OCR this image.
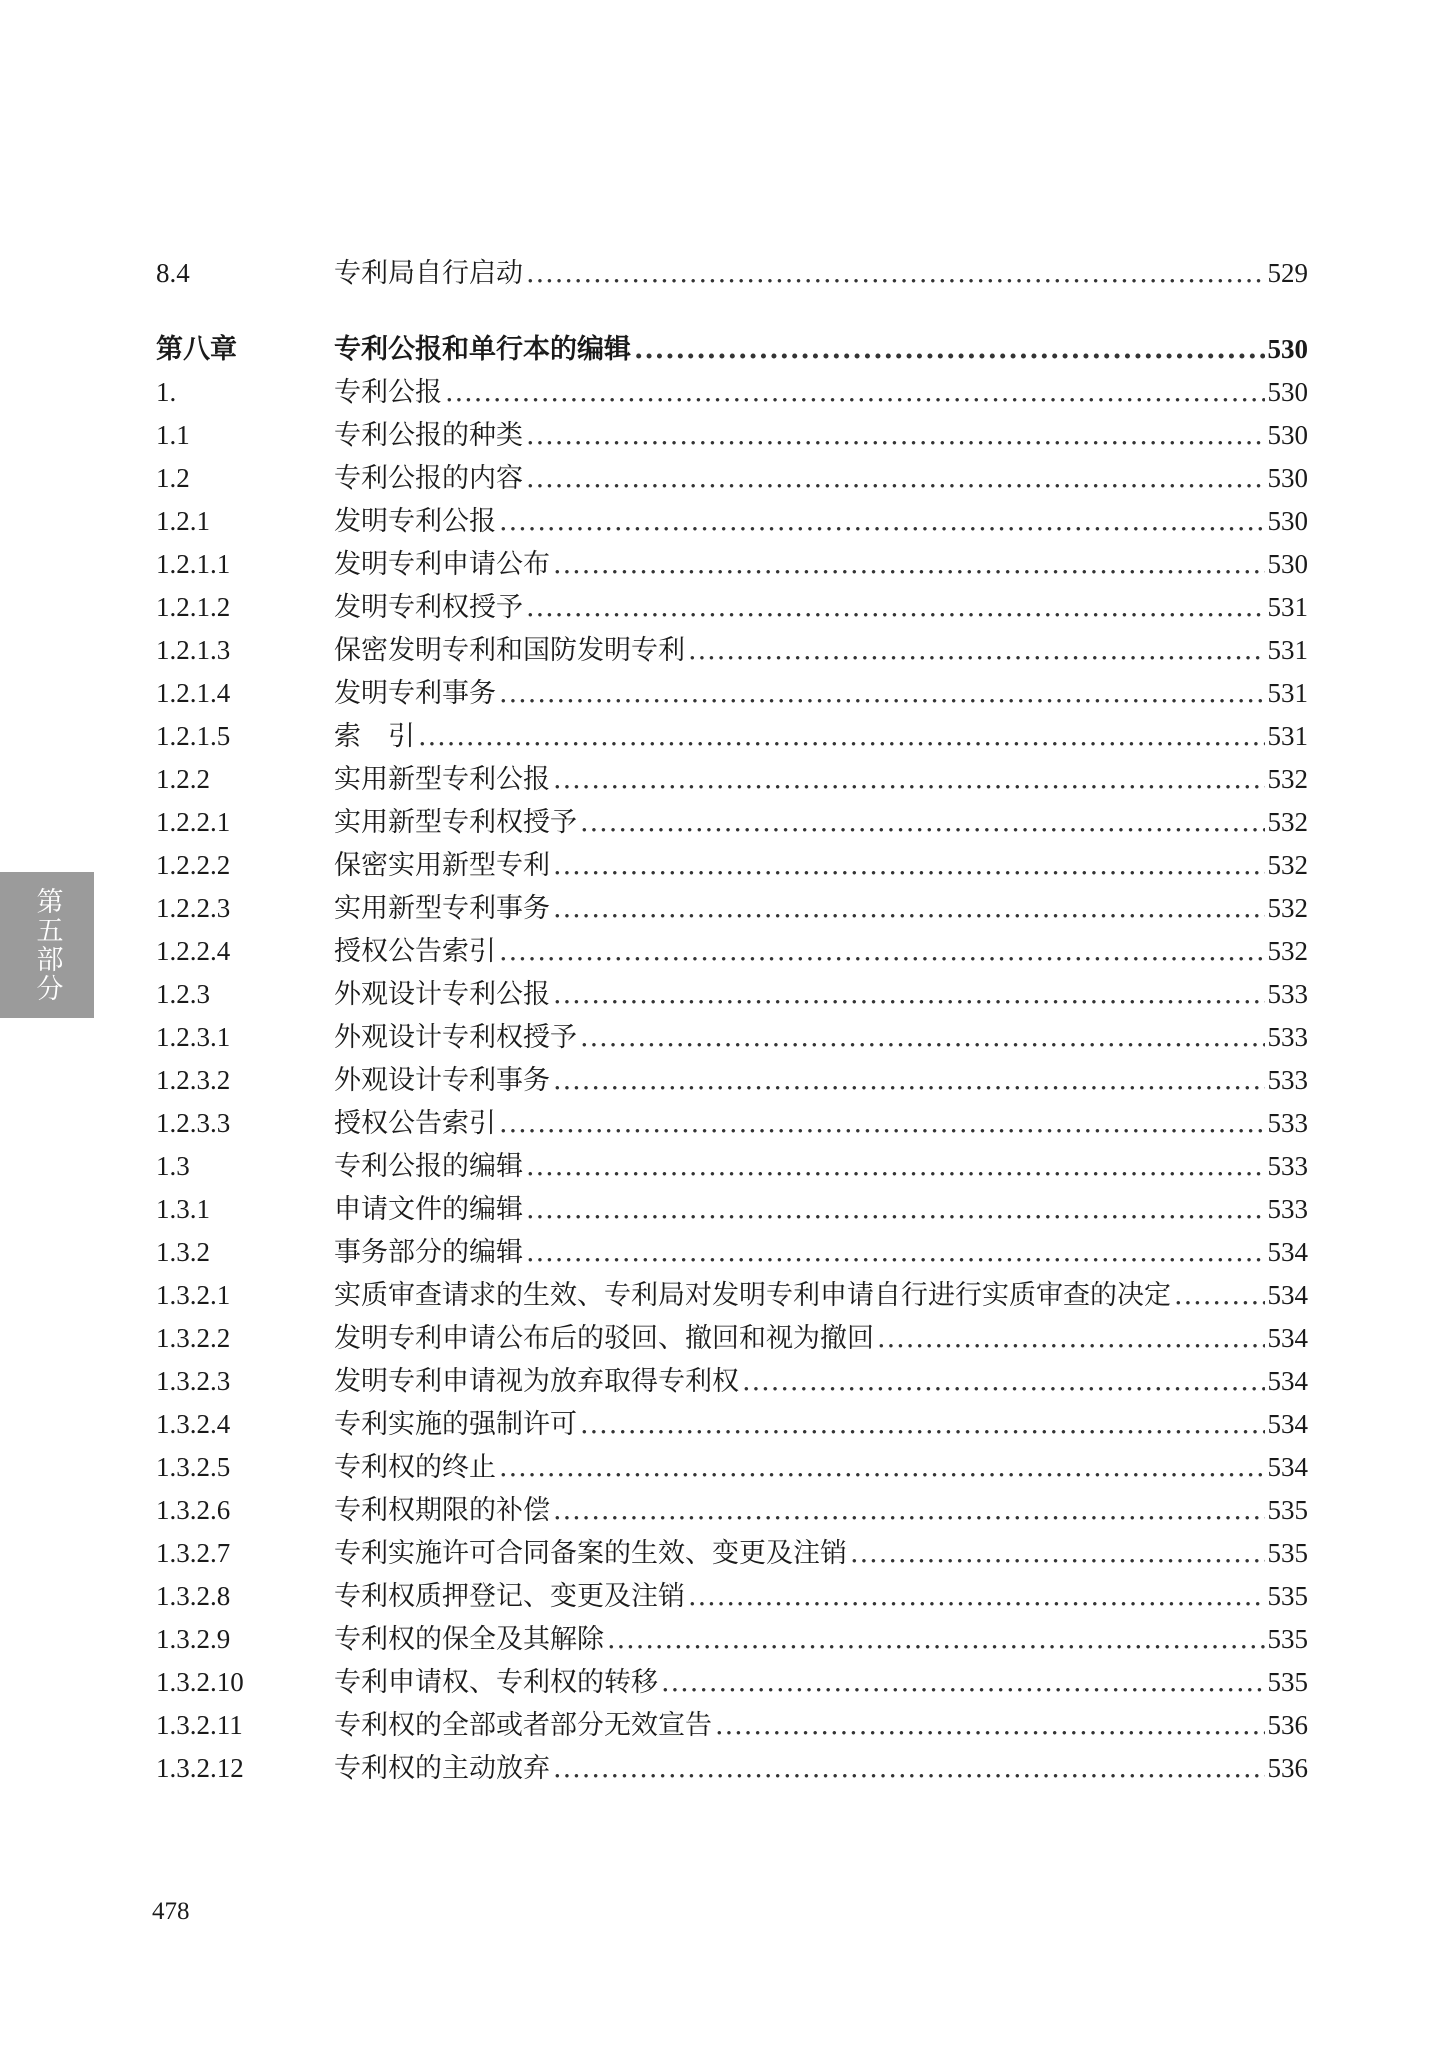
8.4	专利局自行启动 .....	529
第八章	专利公报和单行本的编辑 .....	530
1.	专利公报 .....	530
1.1	专利公报的种类 .....	530
1.2	专利公报的内容 .....	530
1.2.1	发明专利公报 .....	530
1.2.1.1	发明专利申请公布 .....	530
1.2.1.2	发明专利权授予 .....	531
1.2.1.3	保密发明专利和国防发明专利 .....	531
1.2.1.4	发明专利事务 .....	531
1.2.1.5	索　引 .....	531
1.2.2	实用新型专利公报 .....	532
1.2.2.1	实用新型专利权授予 .....	532
1.2.2.2	保密实用新型专利 .....	532
1.2.2.3	实用新型专利事务 .....	532
1.2.2.4	授权公告索引 .....	532
1.2.3	外观设计专利公报 .....	533
1.2.3.1	外观设计专利权授予 .....	533
1.2.3.2	外观设计专利事务 .....	533
1.2.3.3	授权公告索引 .....	533
1.3	专利公报的编辑 .....	533
1.3.1	申请文件的编辑 .....	533
1.3.2	事务部分的编辑 .....	534
1.3.2.1	实质审查请求的生效、专利局对发明专利申请自行进行实质审查的决定 .....	534
1.3.2.2	发明专利申请公布后的驳回、撤回和视为撤回 .....	534
1.3.2.3	发明专利申请视为放弃取得专利权 .....	534
1.3.2.4	专利实施的强制许可 .....	534
1.3.2.5	专利权的终止 .....	534
1.3.2.6	专利权期限的补偿 .....	535
1.3.2.7	专利实施许可合同备案的生效、变更及注销 .....	535
1.3.2.8	专利权质押登记、变更及注销 .....	535
1.3.2.9	专利权的保全及其解除 .....	535
1.3.2.10	专利申请权、专利权的转移 .....	535
1.3.2.11	专利权的全部或者部分无效宣告 .....	536
1.3.2.12	专利权的主动放弃 .....	536
第五部分
478
